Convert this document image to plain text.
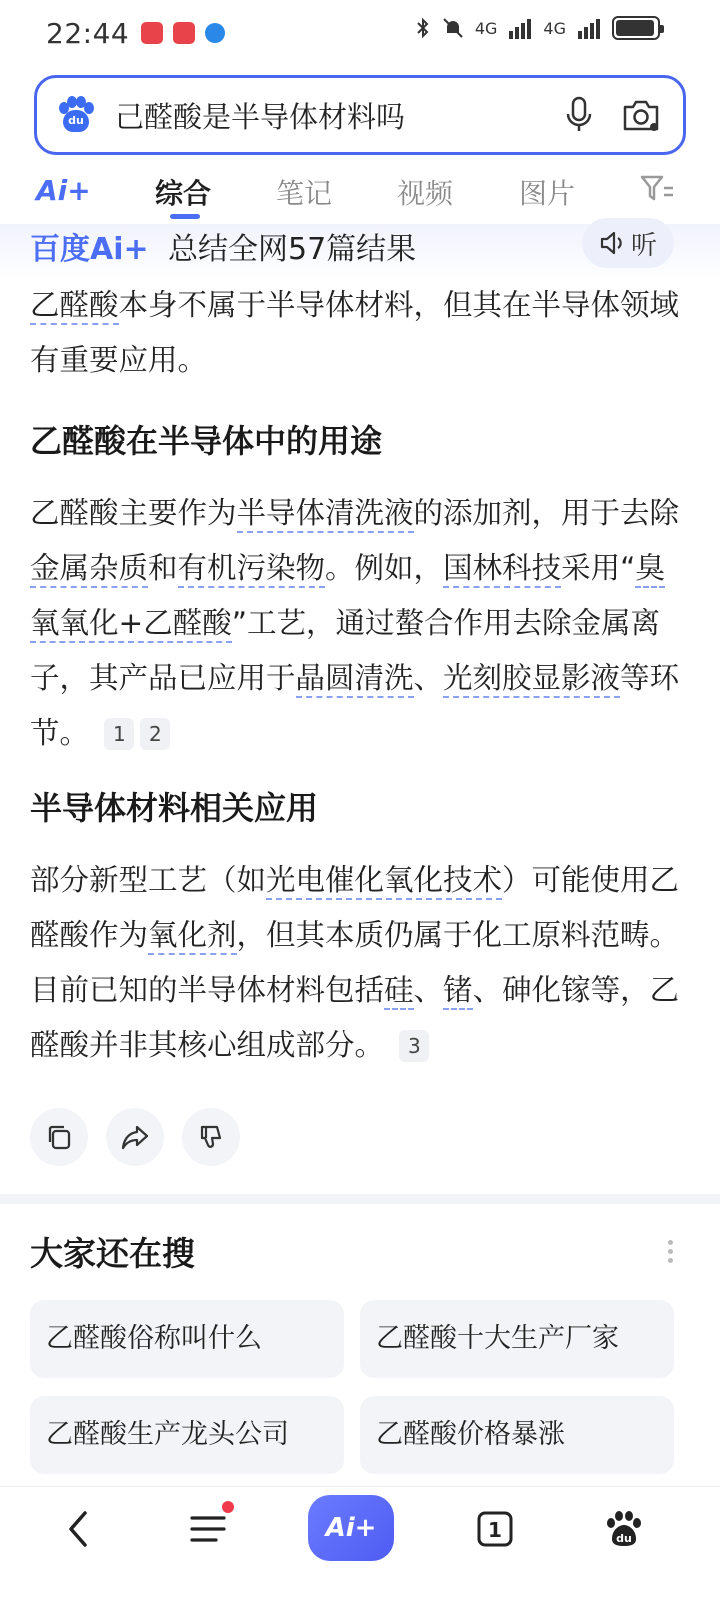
22:44	4G	4G
du 己醛酸是半导体材料吗
Ai+ 综合 笔记 视频 图片
百度Ai+ 总结全网57篇结果	听

乙醛酸本身不属于半导体材料，但其在半导体领域有重要应用。

乙醛酸在半导体中的用途

乙醛酸主要作为半导体清洗液的添加剂，用于去除金属杂质和有机污染物。例如，国林科技采用“臭氧氧化+乙醛酸”工艺，通过螯合作用去除金属离子，其产品已应用于晶圆清洗、光刻胶显影液等环节。 1 2

半导体材料相关应用

部分新型工艺（如光电催化氧化技术）可能使用乙醛酸作为氧化剂，但其本质仍属于化工原料范畴。目前已知的半导体材料包括硅、锗、砷化镓等，乙醛酸并非其核心组成部分。 3

大家还在搜
乙醛酸俗称叫什么	乙醛酸十大生产厂家
乙醛酸生产龙头公司	乙醛酸价格暴涨
Ai+	1	du
